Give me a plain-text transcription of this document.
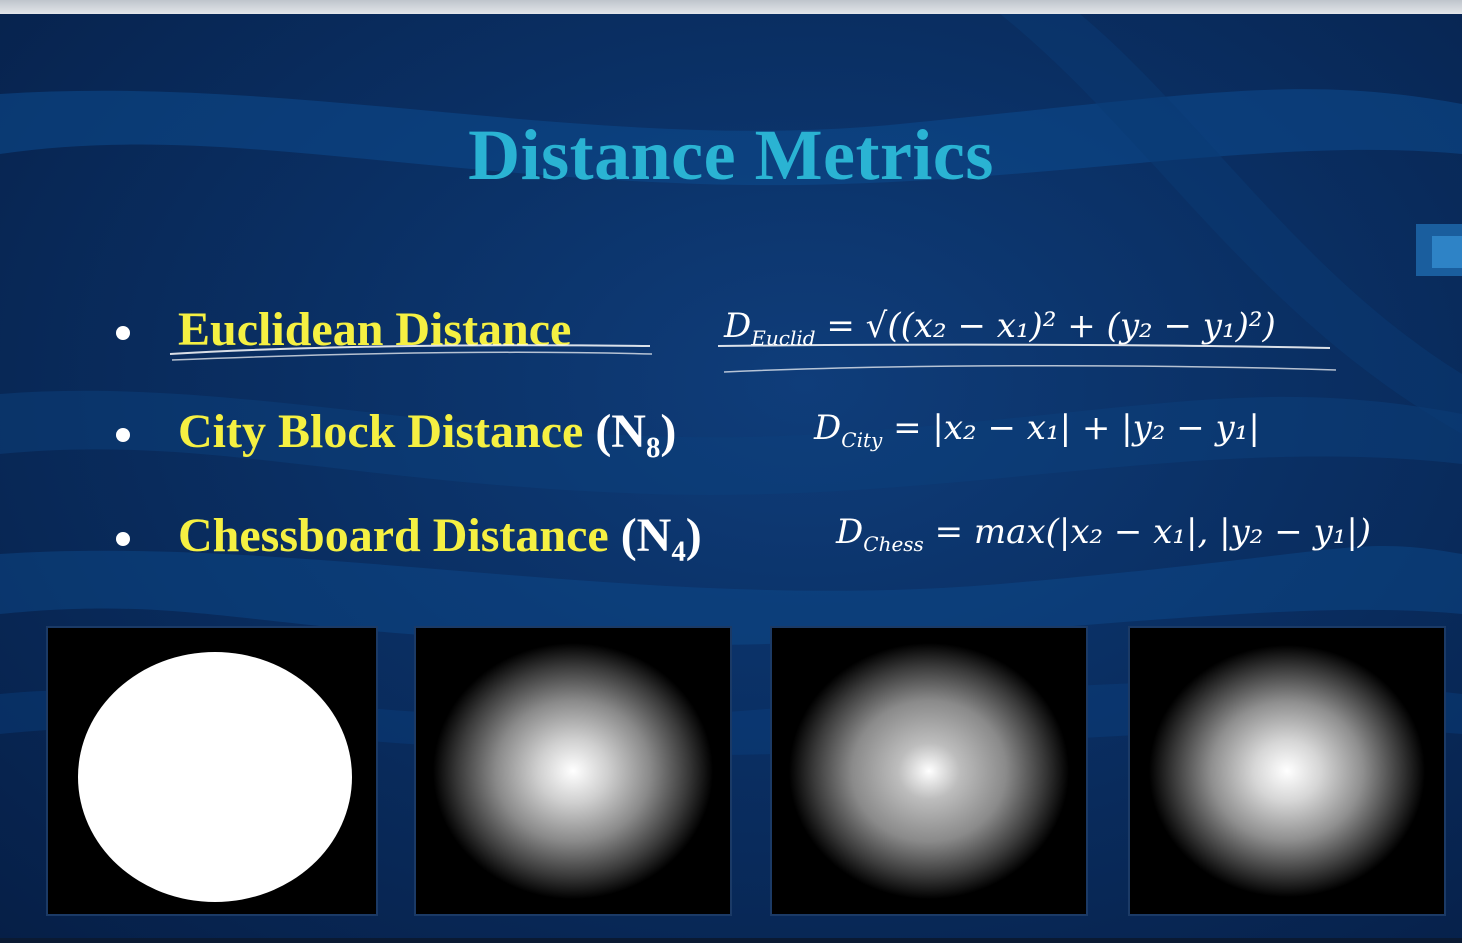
Distance Metrics
Euclidean Distance	$D_{Euclid} = √((x_2 - x_1)^2 + (y_2 - y_1)^2)$
City Block Distance (N₈)	$D_{City} = |x_2 - x_1| + |y_2 - y_1|$
Chessboard Distance (N₄)	$D_{Chess} = \max(|x_2 - x_1|$, |y₂ − y₁|)
